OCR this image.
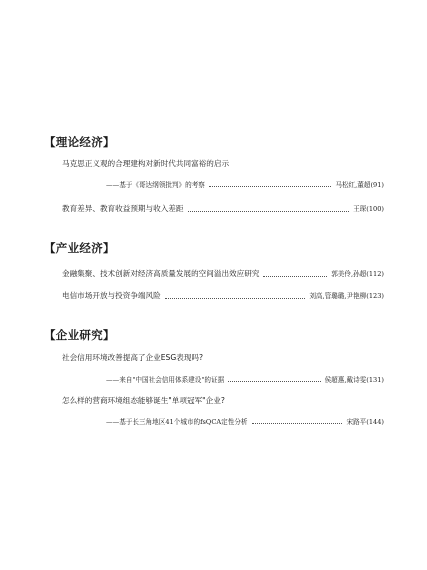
【理论经济】
马克思正义观的合理建构对新时代共同富裕的启示
——基于《哥达纲领批判》的考察	马松红,董超 (91)
教育差异、教育收益预期与收入差距	王琛 (100)
【产业经济】
金融集聚、技术创新对经济高质量发展的空间溢出效应研究	郭美伶,孙超 (112)
电信市场开放与投资争端风险	刘高,管璐璐,尹艳柳 (123)
【企业研究】
社会信用环境改善提高了企业ESG表现吗?
——来自"中国社会信用体系建设"的证据	侯超惠,戴诗雯 (131)
怎么样的营商环境组态能够诞生"单项冠军"企业?
——基于长三角地区41个城市的fsQCA定性分析	宋路平 (144)
